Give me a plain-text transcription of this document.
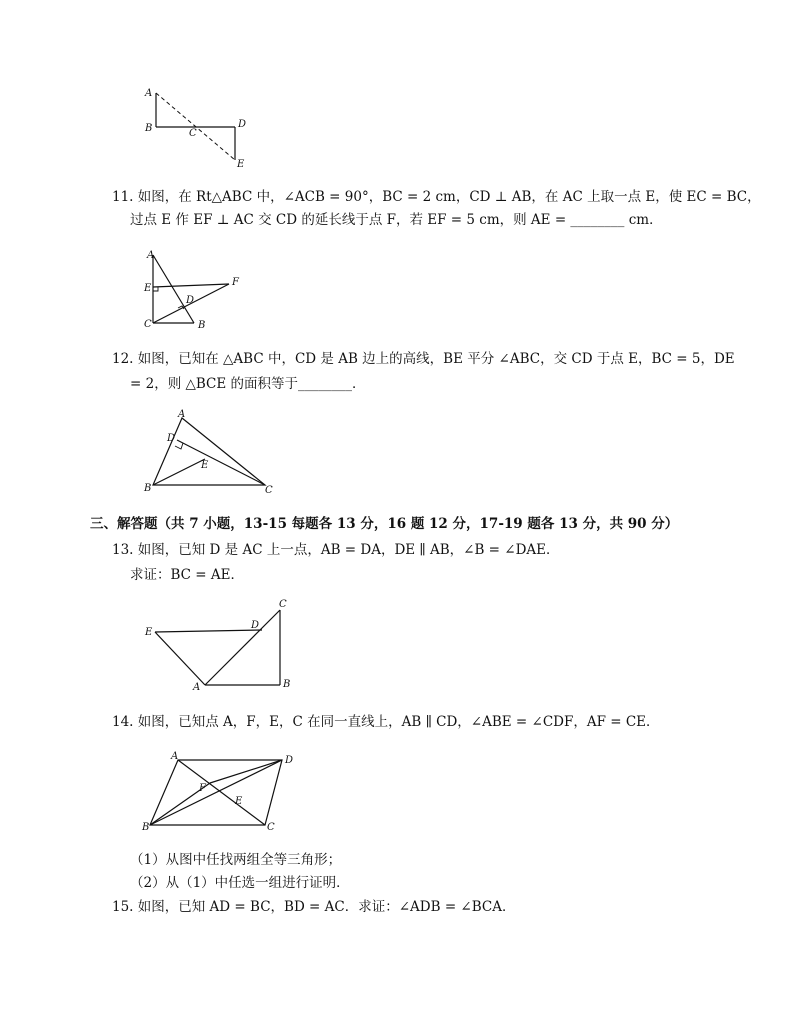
A
B	C
D
E
11. 如图，在 Rt△ABC 中，∠ACB = 90°，BC = 2 cm，CD ⊥ AB，在 AC 上取一点 E，使 EC = BC，
过点 E 作 EF ⊥ AC 交 CD 的延长线于点 F，若 EF = 5 cm，则 AE = ________ cm．
A
E
D
F
C	B
12. 如图，已知在 △ABC 中，CD 是 AB 边上的高线，BE 平分 ∠ABC，交 CD 于点 E，BC = 5，DE
= 2，则 △BCE 的面积等于________．
A
D
E
B	C
三、解答题（共 7 小题，13-15 每题各 13 分，16 题 12 分，17-19 题各 13 分，共 90 分）
13. 如图，已知 D 是 AC 上一点，AB = DA，DE ∥ AB，∠B = ∠DAE．
求证：BC = AE．
C
D
E
A	B
14. 如图，已知点 A，F，E，C 在同一直线上，AB ∥ CD，∠ABE = ∠CDF，AF = CE．
A	D
F
E
B	C
（1）从图中任找两组全等三角形；
（2）从（1）中任选一组进行证明．
15. 如图，已知 AD = BC，BD = AC．求证：∠ADB = ∠BCA．
